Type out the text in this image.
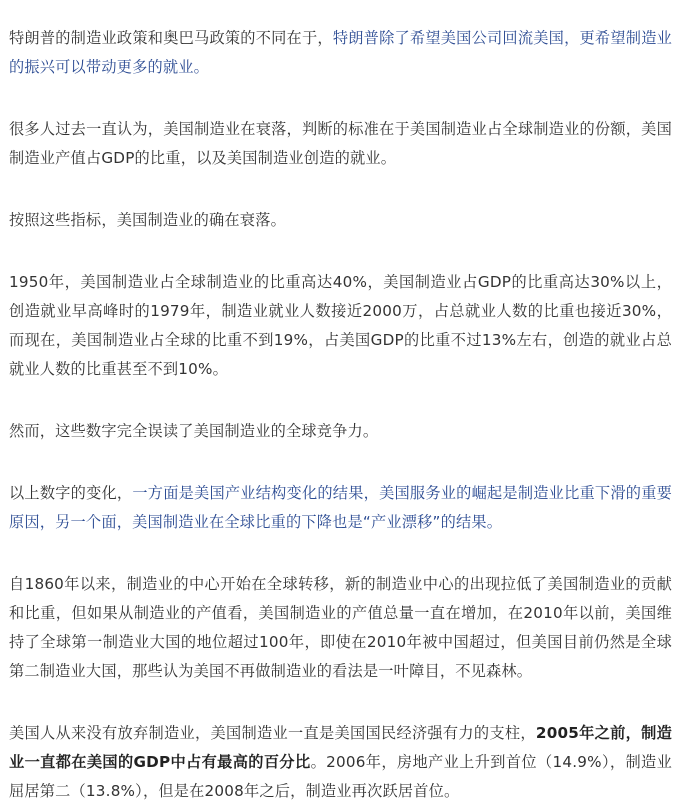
特朗普的制造业政策和奥巴马政策的不同在于，特朗普除了希望美国公司回流美国，更希望制造业的振兴可以带动更多的就业。

很多人过去一直认为，美国制造业在衰落，判断的标准在于美国制造业占全球制造业的份额，美国制造业产值占GDP的比重，以及美国制造业创造的就业。

按照这些指标，美国制造业的确在衰落。

1950年，美国制造业占全球制造业的比重高达40%，美国制造业占GDP的比重高达30%以上，创造就业早高峰时的1979年，制造业就业人数接近2000万，占总就业人数的比重也接近30%，而现在，美国制造业占全球的比重不到19%，占美国GDP的比重不过13%左右，创造的就业占总就业人数的比重甚至不到10%。

然而，这些数字完全误读了美国制造业的全球竞争力。

以上数字的变化，一方面是美国产业结构变化的结果，美国服务业的崛起是制造业比重下滑的重要原因，另一个面，美国制造业在全球比重的下降也是“产业漂移”的结果。

自1860年以来，制造业的中心开始在全球转移，新的制造业中心的出现拉低了美国制造业的贡献和比重，但如果从制造业的产值看，美国制造业的产值总量一直在增加，在2010年以前，美国维持了全球第一制造业大国的地位超过100年，即使在2010年被中国超过，但美国目前仍然是全球第二制造业大国，那些认为美国不再做制造业的看法是一叶障目，不见森林。

美国人从来没有放弃制造业，美国制造业一直是美国国民经济强有力的支柱，2005年之前，制造业一直都在美国的GDP中占有最高的百分比。2006年，房地产业上升到首位（14.9%），制造业屈居第二（13.8%），但是在2008年之后，制造业再次跃居首位。
